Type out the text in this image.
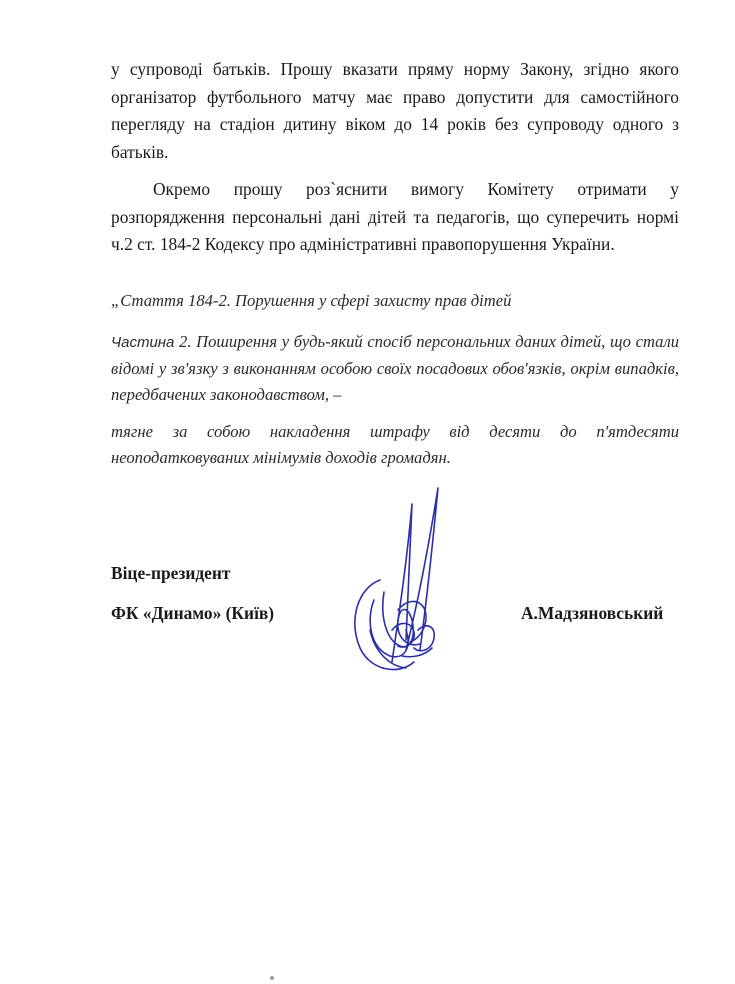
у супроводі батьків. Прошу вказати пряму норму Закону, згідно якого організатор футбольного матчу має право допустити для самостійного перегляду на стадіон дитину віком до 14 років без супроводу одного з батьків.

Окремо прошу роз`яснити вимогу Комітету отримати у розпорядження персональні дані дітей та педагогів, що суперечить нормі ч.2 ст. 184-2 Кодексу про адміністративні правопорушення України.

„Стаття 184-2. Порушення у сфері захисту прав дітей

Частина 2. Поширення у будь-який спосіб персональних даних дітей, що стали відомі у зв'язку з виконанням особою своїх посадових обов'язків, окрім випадків, передбачених законодавством, –

тягне за собою накладення штрафу від десяти до п'ятдесяти неоподатковуваних мінімумів доходів громадян.

Віце-президент
ФК «Динамо» (Київ)	А.Мадзяновський
